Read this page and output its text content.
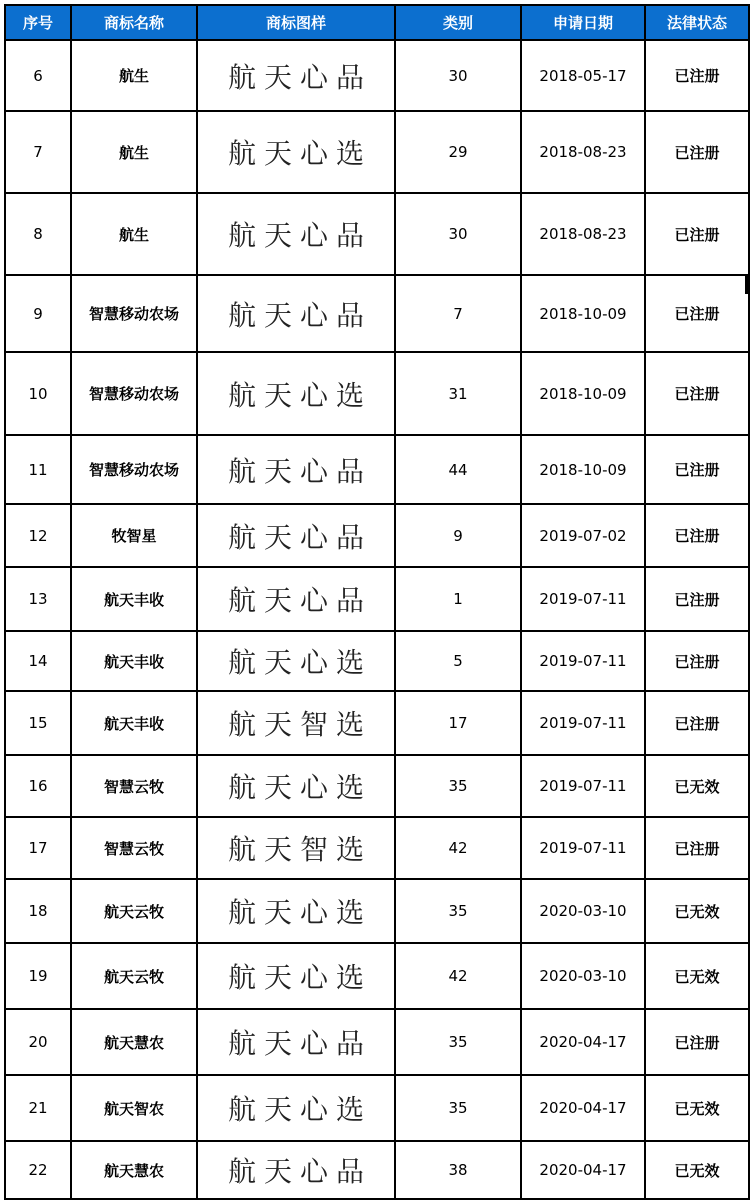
序号	商标名称	商标图样	类别	申请日期	法律状态
6	航生	航天心品	30	2018-05-17	已注册
7	航生	航天心选	29	2018-08-23	已注册
8	航生	航天心品	30	2018-08-23	已注册
9	智慧移动农场	航天心品	7	2018-10-09	已注册
10	智慧移动农场	航天心选	31	2018-10-09	已注册
11	智慧移动农场	航天心品	44	2018-10-09	已注册
12	牧智星	航天心品	9	2019-07-02	已注册
13	航天丰收	航天心品	1	2019-07-11	已注册
14	航天丰收	航天心选	5	2019-07-11	已注册
15	航天丰收	航天智选	17	2019-07-11	已注册
16	智慧云牧	航天心选	35	2019-07-11	已无效
17	智慧云牧	航天智选	42	2019-07-11	已注册
18	航天云牧	航天心选	35	2020-03-10	已无效
19	航天云牧	航天心选	42	2020-03-10	已无效
20	航天慧农	航天心品	35	2020-04-17	已注册
21	航天智农	航天心选	35	2020-04-17	已无效
22	航天慧农	航天心品	38	2020-04-17	已无效
